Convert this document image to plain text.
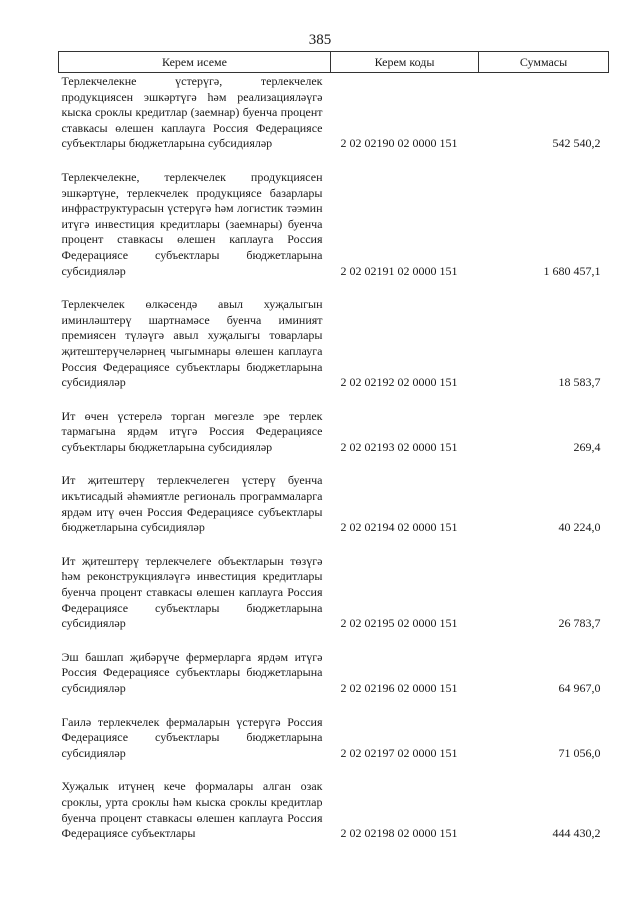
385
Керем исеме	Керем коды	Суммасы
Терлекчелекне үстерүгә, терлекчелек продукциясен эшкәртүгә һәм реализацияләүгә кыска сроклы кредитлар (заемнар) буенча процент ставкасы өлешен каплауга Россия Федерациясе субъектлары бюджетларына субсидияләр	2 02 02190 02 0000 151	542 540,2
Терлекчелекне, терлекчелек продукциясен эшкәртүне, терлекчелек продукциясе базарлары инфраструктурасын үстерүгә һәм логистик тәэмин итүгә инвестиция кредитлары (заемнары) буенча процент ставкасы өлешен каплауга Россия Федерациясе субъектлары бюджетларына субсидияләр	2 02 02191 02 0000 151	1 680 457,1
Терлекчелек өлкәсендә авыл хуҗалыгын иминләштерү шартнамәсе буенча иминият премиясен түләүгә авыл хуҗалыгы товарлары җитештерүчеләрнең чыгымнары өлешен каплауга Россия Федерациясе субъектлары бюджетларына субсидияләр	2 02 02192 02 0000 151	18 583,7
Ит өчен үстерелә торган мөгезле эре терлек тармагына ярдәм итүгә Россия Федерациясе субъектлары бюджетларына субсидияләр	2 02 02193 02 0000 151	269,4
Ит җитештерү терлекчелеген үстерү буенча икътисадый әһәмиятле региональ программаларга ярдәм итү өчен Россия Федерациясе субъектлары бюджетларына субсидияләр	2 02 02194 02 0000 151	40 224,0
Ит җитештерү терлекчелеге объектларын төзүгә һәм реконструкцияләүгә инвестиция кредитлары буенча процент ставкасы өлешен каплауга Россия Федерациясе субъектлары бюджетларына субсидияләр	2 02 02195 02 0000 151	26 783,7
Эш башлап җибәрүче фермерларга ярдәм итүгә Россия Федерациясе субъектлары бюджетларына субсидияләр	2 02 02196 02 0000 151	64 967,0
Гаилә терлекчелек фермаларын үстерүгә Россия Федерациясе субъектлары бюджетларына субсидияләр	2 02 02197 02 0000 151	71 056,0
Хуҗалык итүнең кече формалары алган озак сроклы, урта сроклы һәм кыска сроклы кредитлар буенча процент ставкасы өлешен каплауга Россия Федерациясе субъектлары	2 02 02198 02 0000 151	444 430,2
